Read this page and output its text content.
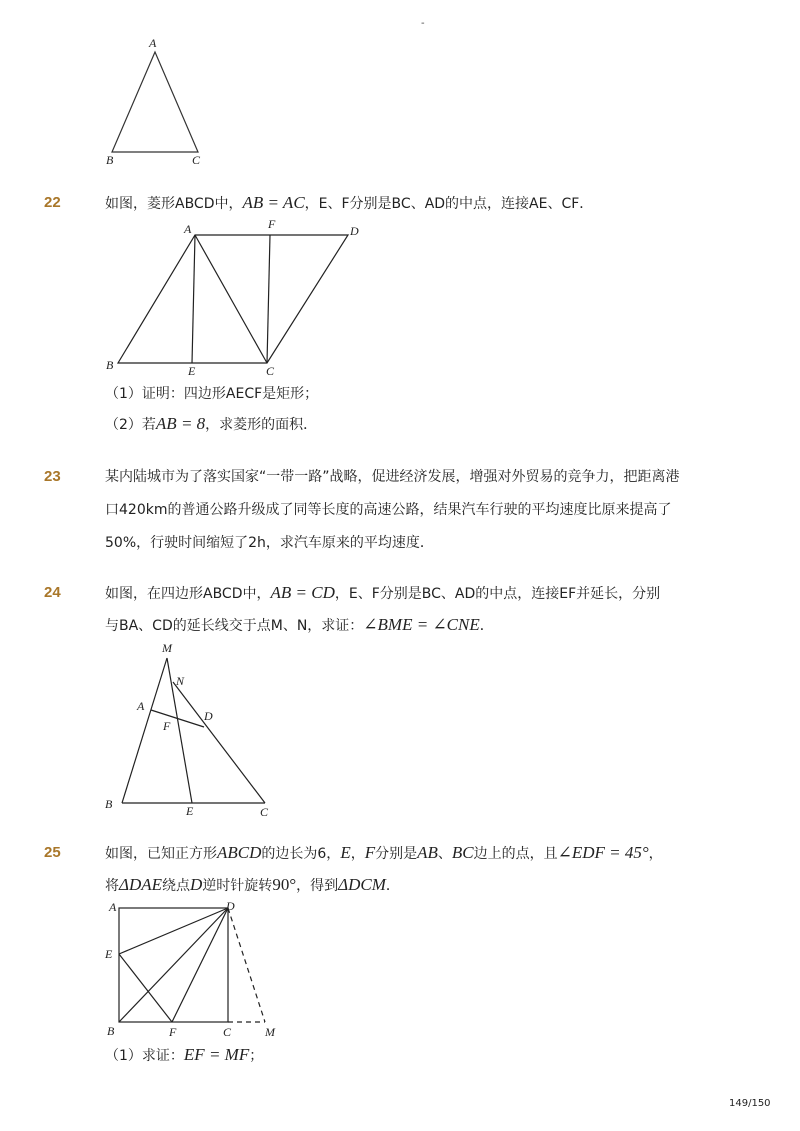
-
A
B	C
22	如图，菱形ABCD中，AB = AC，E、F分别是BC、AD的中点，连接AE、CF．
A	F	D
B	E	C
（1）证明：四边形AECF是矩形；
（2）若AB = 8，求菱形的面积．
23	某内陆城市为了落实国家“一带一路”战略，促进经济发展，增强对外贸易的竞争力，把距离港
口420km的普通公路升级成了同等长度的高速公路，结果汽车行驶的平均速度比原来提高了
50%，行驶时间缩短了2h，求汽车原来的平均速度．
24	如图，在四边形ABCD中，AB = CD，E、F分别是BC、AD的中点，连接EF并延长，分别
与BA、CD的延长线交于点M、N，求证：∠BME = ∠CNE．
M
N
A
D
F
B	E	C
25	如图，已知正方形ABCD的边长为6，E，F分别是AB、BC边上的点，且∠EDF = 45°，
将ΔDAE绕点D逆时针旋转90°，得到ΔDCM．
A	D
E
B	F	C	M
（1）求证：EF = MF；
149/150
